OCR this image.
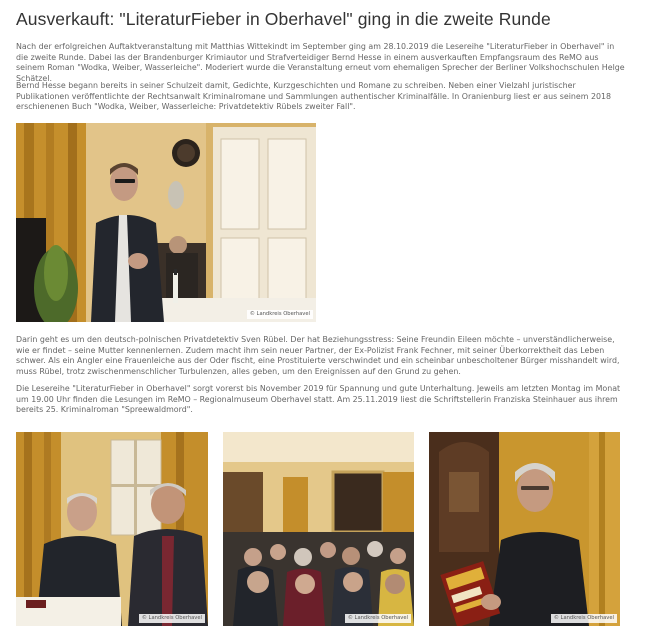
Ausverkauft: "LiteraturFieber in Oberhavel" ging in die zweite Runde

Nach der erfolgreichen Auftaktveranstaltung mit Matthias Wittekindt im September ging am 28.10.2019 die Lesereihe "LiteraturFieber in Oberhavel" in die zweite Runde. Dabei las der Brandenburger Krimiautor und Strafverteidiger Bernd Hesse in einem ausverkauften Empfangsraum des ReMO aus seinem Roman "Wodka, Weiber, Wasserleiche". Moderiert wurde die Veranstaltung erneut vom ehemaligen Sprecher der Berliner Volkshochschulen Helge Schätzel.

Bernd Hesse begann bereits in seiner Schulzeit damit, Gedichte, Kurzgeschichten und Romane zu schreiben. Neben einer Vielzahl juristischer Publikationen veröffentlichte der Rechtsanwalt Kriminalromane und Sammlungen authentischer Kriminalfälle. In Oranienburg liest er aus seinem 2018 erschienenen Buch "Wodka, Weiber, Wasserleiche: Privatdetektiv Rübels zweiter Fall".

© Landkreis Oberhavel

Darin geht es um den deutsch-polnischen Privatdetektiv Sven Rübel. Der hat Beziehungsstress: Seine Freundin Eileen möchte – unverständlicherweise, wie er findet – seine Mutter kennenlernen. Zudem macht ihm sein neuer Partner, der Ex-Polizist Frank Fechner, mit seiner Überkorrektheit das Leben schwer. Als ein Angler eine Frauenleiche aus der Oder fischt, eine Prostituierte verschwindet und ein scheinbar unbescholtener Bürger misshandelt wird, muss Rübel, trotz zwischenmenschlicher Turbulenzen, alles geben, um den Ereignissen auf den Grund zu gehen.

Die Lesereihe "LiteraturFieber in Oberhavel" sorgt vorerst bis November 2019 für Spannung und gute Unterhaltung. Jeweils am letzten Montag im Monat um 19.00 Uhr finden die Lesungen im ReMO – Regionalmuseum Oberhavel statt. Am 25.11.2019 liest die Schriftstellerin Franziska Steinhauer aus ihrem bereits 25. Kriminalroman "Spreewaldmord".

© Landkreis Oberhavel	© Landkreis Oberhavel	© Landkreis Oberhavel
